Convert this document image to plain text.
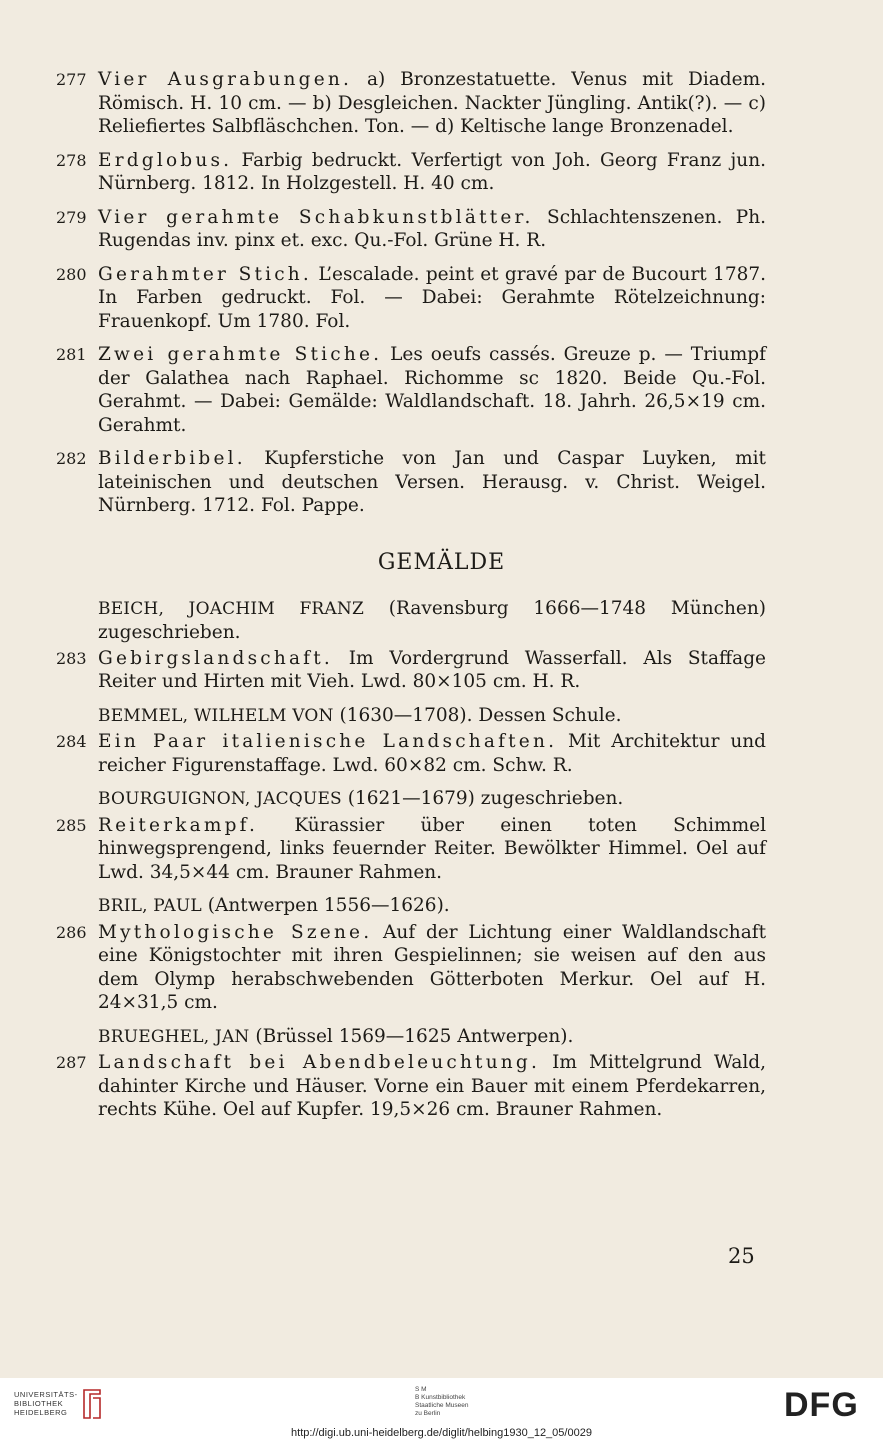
277 Vier Ausgrabungen. a) Bronzestatuette. Venus mit Diadem. Römisch. H. 10 cm. — b) Desgleichen. Nackter Jüngling. Antik(?). — c) Reliefiertes Salbfläschchen. Ton. — d) Keltische lange Bronzenadel.
278 Erdglobus. Farbig bedruckt. Verfertigt von Joh. Georg Franz jun. Nürnberg. 1812. In Holzgestell. H. 40 cm.
279 Vier gerahmte Schabkunstblätter. Schlachtenszenen. Ph. Rugendas inv. pinx et. exc. Qu.-Fol. Grüne H. R.
280 Gerahmter Stich. L’escalade. peint et gravé par de Bucourt 1787. In Farben gedruckt. Fol. — Dabei: Gerahmte Rötelzeichnung: Frauenkopf. Um 1780. Fol.
281 Zwei gerahmte Stiche. Les oeufs cassés. Greuze p. — Triumpf der Galathea nach Raphael. Richomme sc 1820. Beide Qu.-Fol. Gerahmt. — Dabei: Gemälde: Waldlandschaft. 18. Jahrh. 26,5×19 cm. Gerahmt.
282 Bilderbibel. Kupferstiche von Jan und Caspar Luyken, mit lateinischen und deutschen Versen. Herausg. v. Christ. Weigel. Nürnberg. 1712. Fol. Pappe.
GEMÄLDE
BEICH, JOACHIM FRANZ (Ravensburg 1666—1748 München) zugeschrieben.
283 Gebirgslandschaft. Im Vordergrund Wasserfall. Als Staffage Reiter und Hirten mit Vieh. Lwd. 80×105 cm. H. R.
BEMMEL, WILHELM VON (1630—1708). Dessen Schule.
284 Ein Paar italienische Landschaften. Mit Architektur und reicher Figurenstaffage. Lwd. 60×82 cm. Schw. R.
BOURGUIGNON, JACQUES (1621—1679) zugeschrieben.
285 Reiterkampf. Kürassier über einen toten Schimmel hinwegsprengend, links feuernder Reiter. Bewölkter Himmel. Oel auf Lwd. 34,5×44 cm. Brauner Rahmen.
BRIL, PAUL (Antwerpen 1556—1626).
286 Mythologische Szene. Auf der Lichtung einer Waldlandschaft eine Königstochter mit ihren Gespielinnen; sie weisen auf den aus dem Olymp herabschwebenden Götterboten Merkur. Oel auf H. 24×31,5 cm.
BRUEGHEL, JAN (Brüssel 1569—1625 Antwerpen).
287 Landschaft bei Abendbeleuchtung. Im Mittelgrund Wald, dahinter Kirche und Häuser. Vorne ein Bauer mit einem Pferdekarren, rechts Kühe. Oel auf Kupfer. 19,5×26 cm. Brauner Rahmen.
25
UNIVERSITÄTS-
BIBLIOTHEK
HEIDELBERG
S M
B Kunstbibliothek
Staatliche Museen
zu Berlin	DFG
http://digi.ub.uni-heidelberg.de/diglit/helbing1930_12_05/0029
